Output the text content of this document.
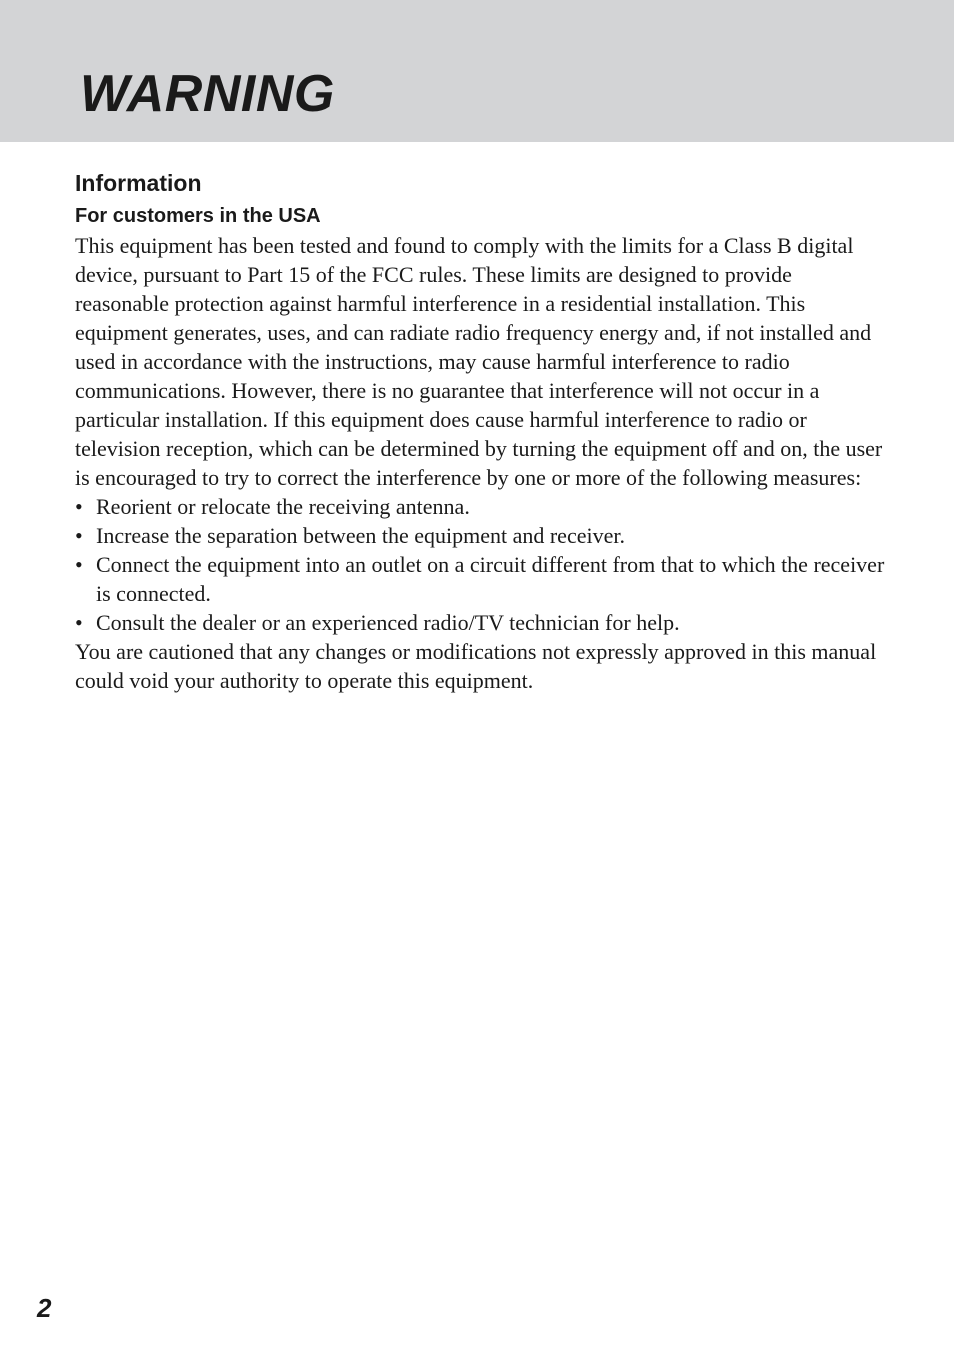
WARNING
Information
For customers in the USA

This equipment has been tested and found to comply with the limits for a Class B digital device, pursuant to Part 15 of the FCC rules. These limits are designed to provide reasonable protection against harmful interference in a residential installation. This equipment generates, uses, and can radiate radio frequency energy and, if not installed and used in accordance with the instructions, may cause harmful interference to radio communications. However, there is no guarantee that interference will not occur in a particular installation. If this equipment does cause harmful interference to radio or television reception, which can be determined by turning the equipment off and on, the user is encouraged to try to correct the interference by one or more of the following measures:

• Reorient or relocate the receiving antenna.
• Increase the separation between the equipment and receiver.
• Connect the equipment into an outlet on a circuit different from that to which the receiver is connected.
• Consult the dealer or an experienced radio/TV technician for help.

You are cautioned that any changes or modifications not expressly approved in this manual could void your authority to operate this equipment.

2
